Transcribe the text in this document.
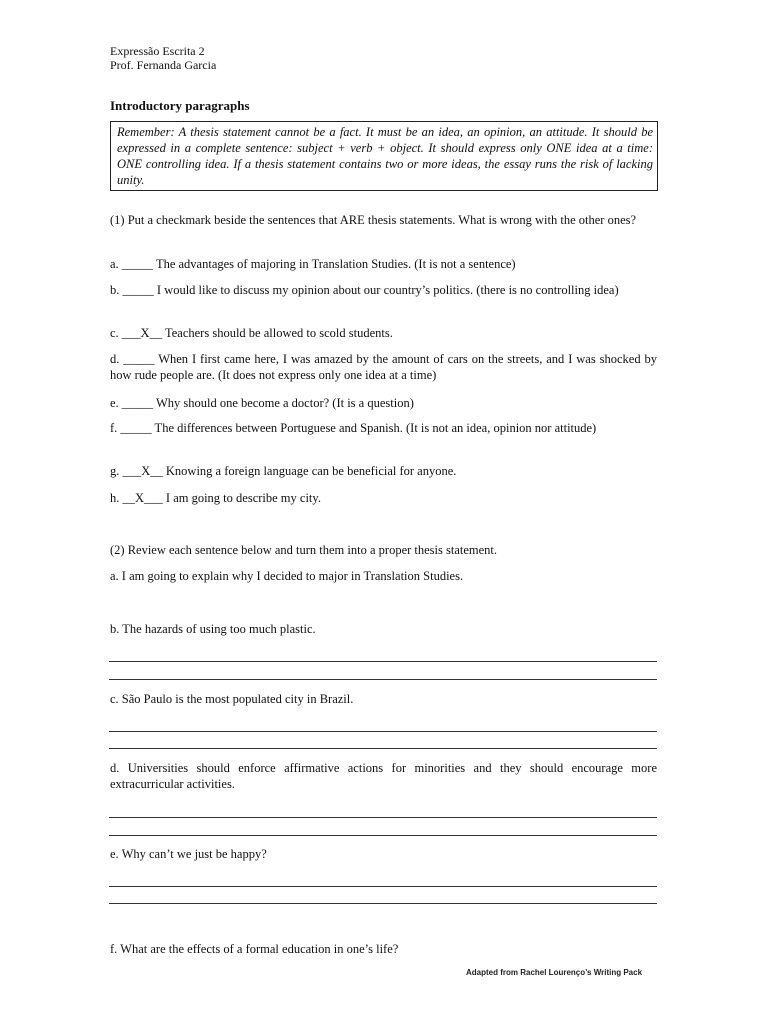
Expressão Escrita 2
Prof. Fernanda Garcia
Introductory paragraphs
Remember: A thesis statement cannot be a fact. It must be an idea, an opinion, an attitude. It should be expressed in a complete sentence: subject + verb + object. It should express only ONE idea at a time: ONE controlling idea. If a thesis statement contains two or more ideas, the essay runs the risk of lacking unity.
(1) Put a checkmark beside the sentences that ARE thesis statements. What is wrong with the other ones?
a. _____ The advantages of majoring in Translation Studies. (It is not a sentence)
b. _____ I would like to discuss my opinion about our country’s politics. (there is no controlling idea)
c. ___X__ Teachers should be allowed to scold students.
d. _____ When I first came here, I was amazed by the amount of cars on the streets, and I was shocked by how rude people are. (It does not express only one idea at a time)
e. _____ Why should one become a doctor? (It is a question)
f. _____ The differences between Portuguese and Spanish. (It is not an idea, opinion nor attitude)
g. ___X__ Knowing a foreign language can be beneficial for anyone.
h. __X___ I am going to describe my city.
(2) Review each sentence below and turn them into a proper thesis statement.
a. I am going to explain why I decided to major in Translation Studies.
b. The hazards of using too much plastic.
c. São Paulo is the most populated city in Brazil.
d. Universities should enforce affirmative actions for minorities and they should encourage more extracurricular activities.
e. Why can’t we just be happy?
f. What are the effects of a formal education in one’s life?
Adapted from Rachel Lourenço’s Writing Pack
